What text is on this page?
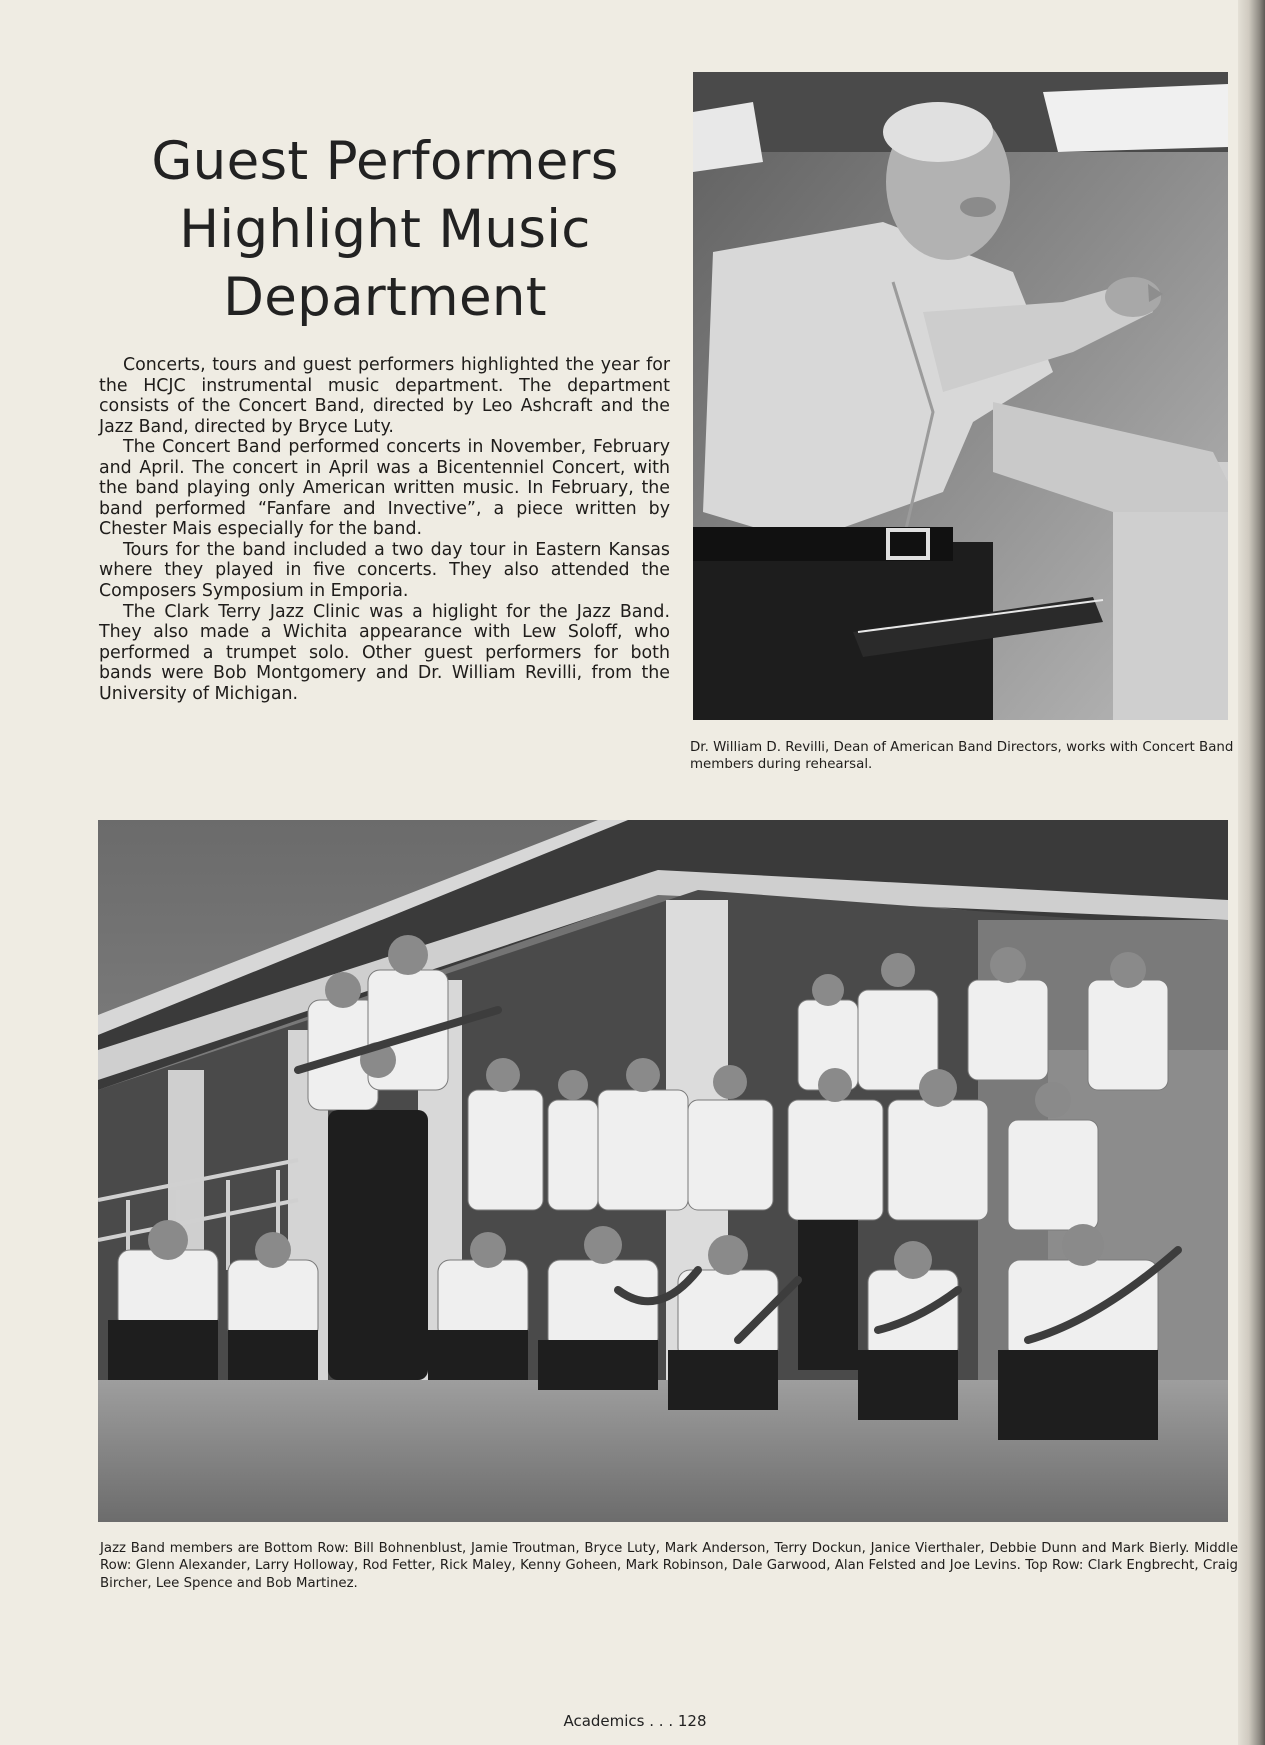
Guest Performers
Highlight Music
Department

Concerts, tours and guest performers highlighted the year for the HCJC instrumental music department. The department consists of the Concert Band, directed by Leo Ashcraft and the Jazz Band, directed by Bryce Luty.

The Concert Band performed concerts in November, February and April. The concert in April was a Bicentenniel Concert, with the band playing only American written music. In February, the band performed “Fanfare and Invective”, a piece written by Chester Mais especially for the band.

Tours for the band included a two day tour in Eastern Kansas where they played in five concerts. They also attended the Composers Symposium in Emporia.

The Clark Terry Jazz Clinic was a higlight for the Jazz Band. They also made a Wichita appearance with Lew Soloff, who performed a trumpet solo. Other guest performers for both bands were Bob Montgomery and Dr. William Revilli, from the University of Michigan.

Dr. William D. Revilli, Dean of American Band Directors, works with Concert Band members during rehearsal.
Jazz Band members are Bottom Row: Bill Bohnenblust, Jamie Troutman, Bryce Luty, Mark Anderson, Terry Dockun, Janice Vierthaler, Debbie Dunn and Mark Bierly. Middle Row: Glenn Alexander, Larry Holloway, Rod Fetter, Rick Maley, Kenny Goheen, Mark Robinson, Dale Garwood, Alan Felsted and Joe Levins. Top Row: Clark Engbrecht, Craig Bircher, Lee Spence and Bob Martinez.
Academics . . . 128
